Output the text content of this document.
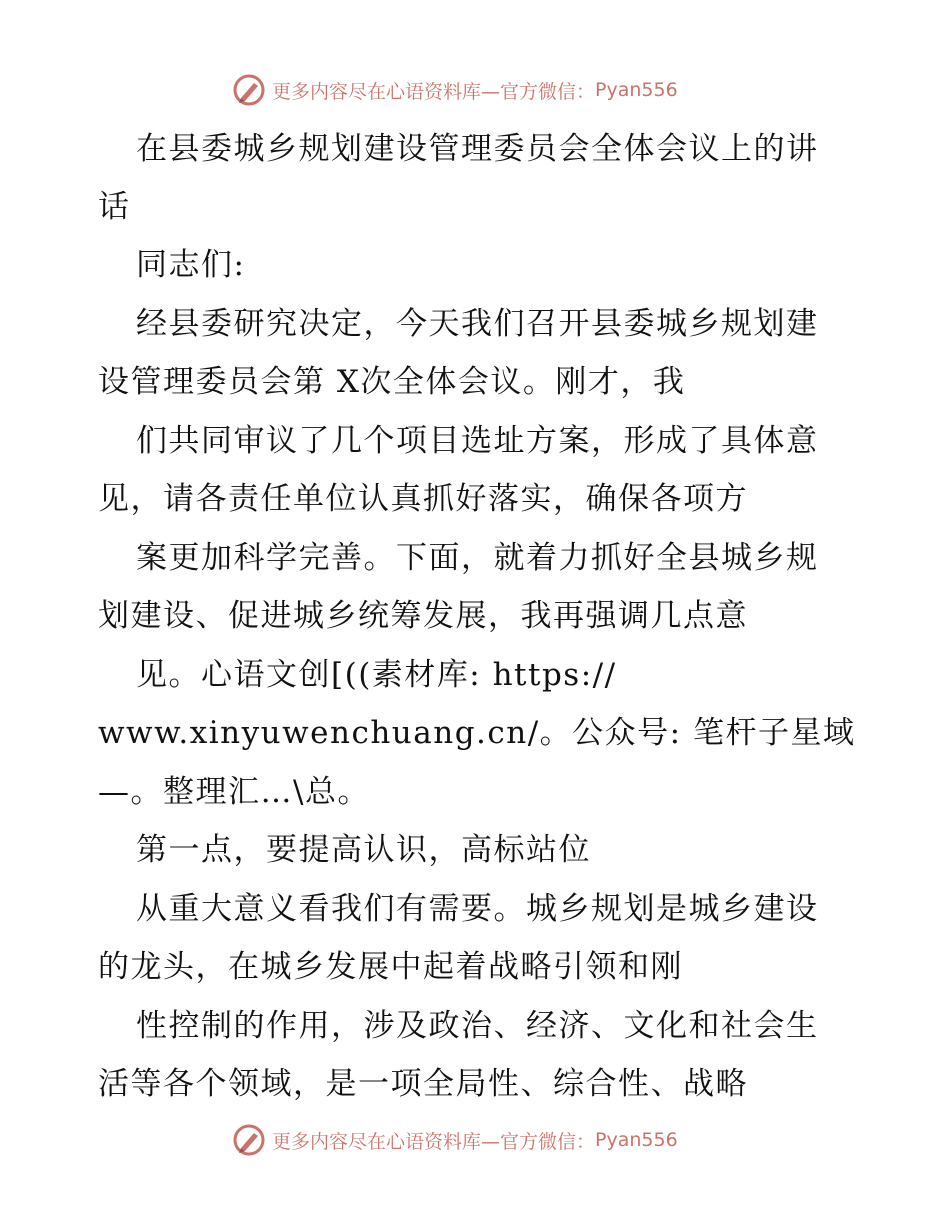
更多内容尽在心语资料库—官方微信： Pyan556

在县委城乡规划建设管理委员会全体会议上的讲

话

同志们:

经县委研究决定，今天我们召开县委城乡规划建

设管理委员会第 X次全体会议。刚才，我

们共同审议了几个项目选址方案，形成了具体意

见，请各责任单位认真抓好落实，确保各项方

案更加科学完善。下面，就着力抓好全县城乡规

划建设、促进城乡统筹发展，我再强调几点意

见。心语文创[((素材库: https://

www.xinyuwenchuang.cn/。公众号: 笔杆子星域

—。整理汇…\总。

第一点，要提高认识，高标站位

从重大意义看我们有需要。城乡规划是城乡建设

的龙头，在城乡发展中起着战略引领和刚

性控制的作用，涉及政治、经济、文化和社会生

活等各个领域，是一项全局性、综合性、战略

更多内容尽在心语资料库—官方微信： Pyan556
